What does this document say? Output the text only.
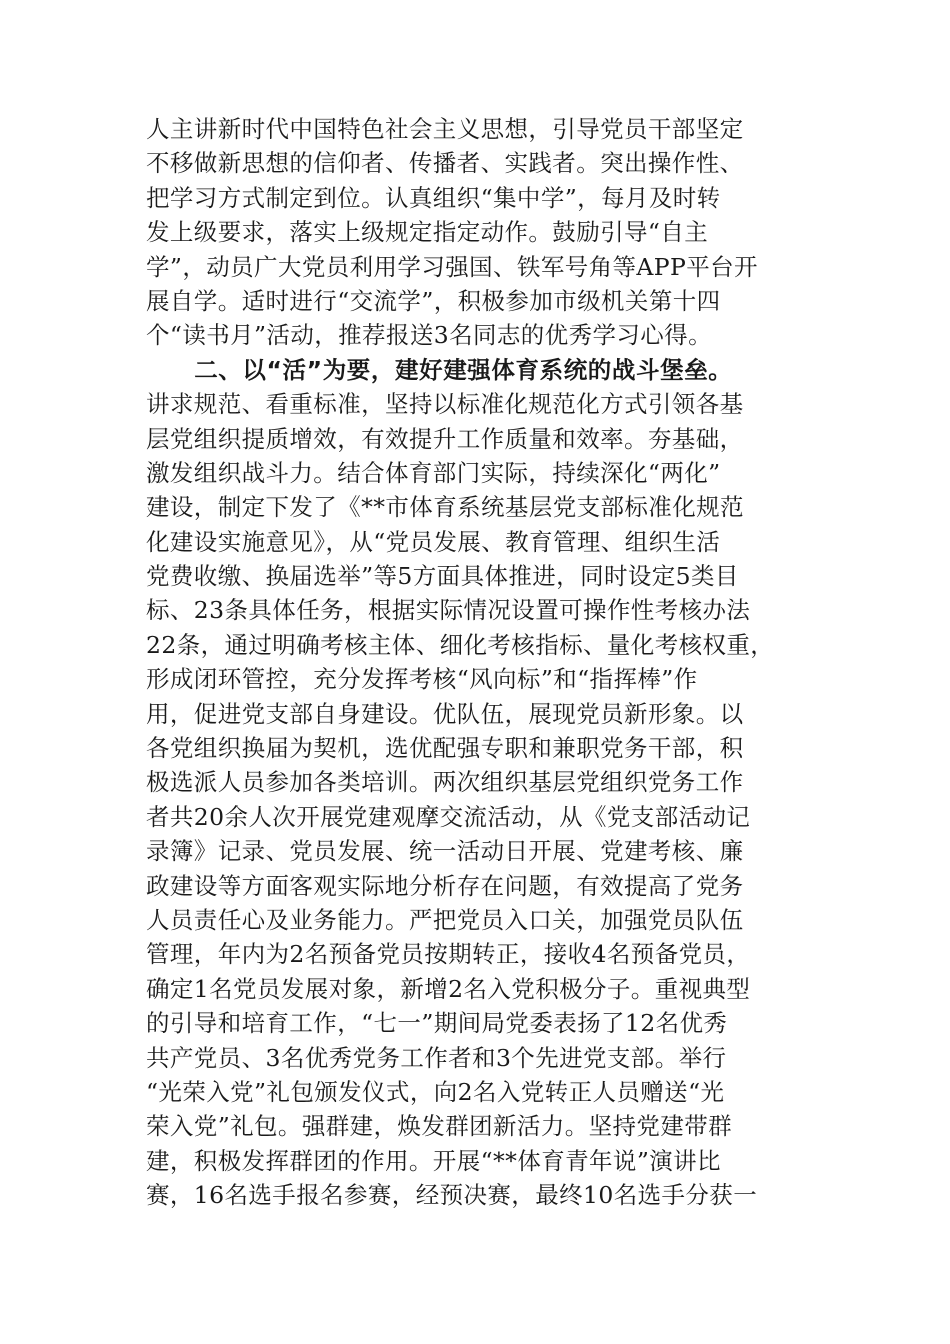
人主讲新时代中国特色社会主义思想，引导党员干部坚定
不移做新思想的信仰者、传播者、实践者。突出操作性、
把学习方式制定到位。认真组织“集中学”，每月及时转
发上级要求，落实上级规定指定动作。鼓励引导“自主
学”，动员广大党员利用学习强国、铁军号角等APP平台开
展自学。适时进行“交流学”，积极参加市级机关第十四
个“读书月”活动，推荐报送3名同志的优秀学习心得。
　　二、以“活”为要，建好建强体育系统的战斗堡垒。
讲求规范、看重标准，坚持以标准化规范化方式引领各基
层党组织提质增效，有效提升工作质量和效率。夯基础，
激发组织战斗力。结合体育部门实际，持续深化“两化”
建设，制定下发了《**市体育系统基层党支部标准化规范
化建设实施意见》，从“党员发展、教育管理、组织生活
党费收缴、换届选举”等5方面具体推进，同时设定5类目
标、23条具体任务，根据实际情况设置可操作性考核办法
22条，通过明确考核主体、细化考核指标、量化考核权重，
形成闭环管控，充分发挥考核“风向标”和“指挥棒”作
用，促进党支部自身建设。优队伍，展现党员新形象。以
各党组织换届为契机，选优配强专职和兼职党务干部，积
极选派人员参加各类培训。两次组织基层党组织党务工作
者共20余人次开展党建观摩交流活动，从《党支部活动记
录簿》记录、党员发展、统一活动日开展、党建考核、廉
政建设等方面客观实际地分析存在问题，有效提高了党务
人员责任心及业务能力。严把党员入口关，加强党员队伍
管理，年内为2名预备党员按期转正，接收4名预备党员，
确定1名党员发展对象，新增2名入党积极分子。重视典型
的引导和培育工作，“七一”期间局党委表扬了12名优秀
共产党员、3名优秀党务工作者和3个先进党支部。举行
“光荣入党”礼包颁发仪式，向2名入党转正人员赠送“光
荣入党”礼包。强群建，焕发群团新活力。坚持党建带群
建，积极发挥群团的作用。开展“**体育青年说”演讲比
赛，16名选手报名参赛，经预决赛，最终10名选手分获一
